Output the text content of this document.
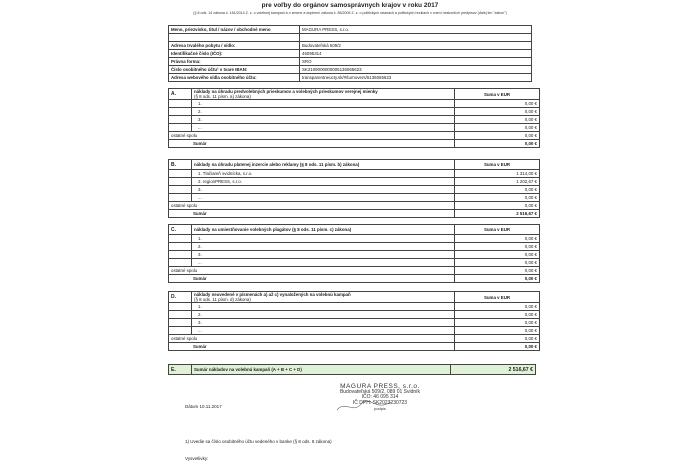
pre voľby do orgánov samosprávnych krajov v roku 2017
(§ 8 ods. 14 zákona č. 181/2014 Z. z. o volebnej kampani a o zmene a doplnení zákona č. 85/2005 Z. z. o politických stranách a politických hnutiach v znení neskorších predpisov (ďalej len "zákon")
Meno, priezvisko, titul / názov / obchodné meno	MAGURA PRESS, s.r.o.

Adresa trvalého pobytu / sídlo:	Budovateľská 509/2
Identifikačné číslo (IČO):	46095314
Právna forma:	SRO
Číslo osobitného účtu¹ v tvare IBAN:	SK2109000000005136065623
Adresa webového sídla osobitného účtu:	transparentneucty.sk/#/turnovers/5136065623
A.	náklady na úhradu predvolebných prieskumov a volebných prieskumov verejnej mienky
(§ 8 ods. 11 písm. a) zákona)	Suma v EUR
	1.	0,00 €
	2.	0,00 €
	3.	0,00 €
	...	0,00 €
ostatné spolu		0,00 €
Sumár		0,00 €
B.	náklady na úhradu platenej inzercie alebo reklamy (§ 8 ods. 11 písm. b) zákona)	Suma v EUR
	1. Tlačiareň svidnícka, s.r.o.	1 314,00 €
	2. regionPRESS, s.r.o.	1 202,67 €
	3.	0,00 €
	...	0,00 €
ostatné spolu		0,00 €
Sumár		2 516,67 €
C.	náklady na umiestňovanie volebných plagátov (§ 8 ods. 11 písm. c) zákona)	Suma v EUR
	1.	0,00 €
	2.	0,00 €
	3.	0,00 €
	...	0,00 €
ostatné spolu		0,00 €
Sumár		0,00 €
D.	náklady neuvedené v písmenách a) až c) vynaložených na volebnú kampaň
(§ 8 ods. 11 písm. d) zákona)	Suma v EUR
	1.	0,00 €
	2.	0,00 €
	3.	0,00 €
	...	0,00 €
ostatné spolu		0,00 €
Sumár		0,00 €
E.	Sumár nákladov na volebnú kampaň (A + B + C + D)	2 516,67 €
Dátum 10.11.2017
MAGURA PRESS, s.r.o.
Budovateľská 509/2, 089 01 Svidník
IČO: 46 095 314
IČ DPH: SK2023230723
podpis
1) Uvedie sa číslo osobitného účtu vedeného v banke (§ 8 ods. 8 zákona)
Vysvetlivky:
